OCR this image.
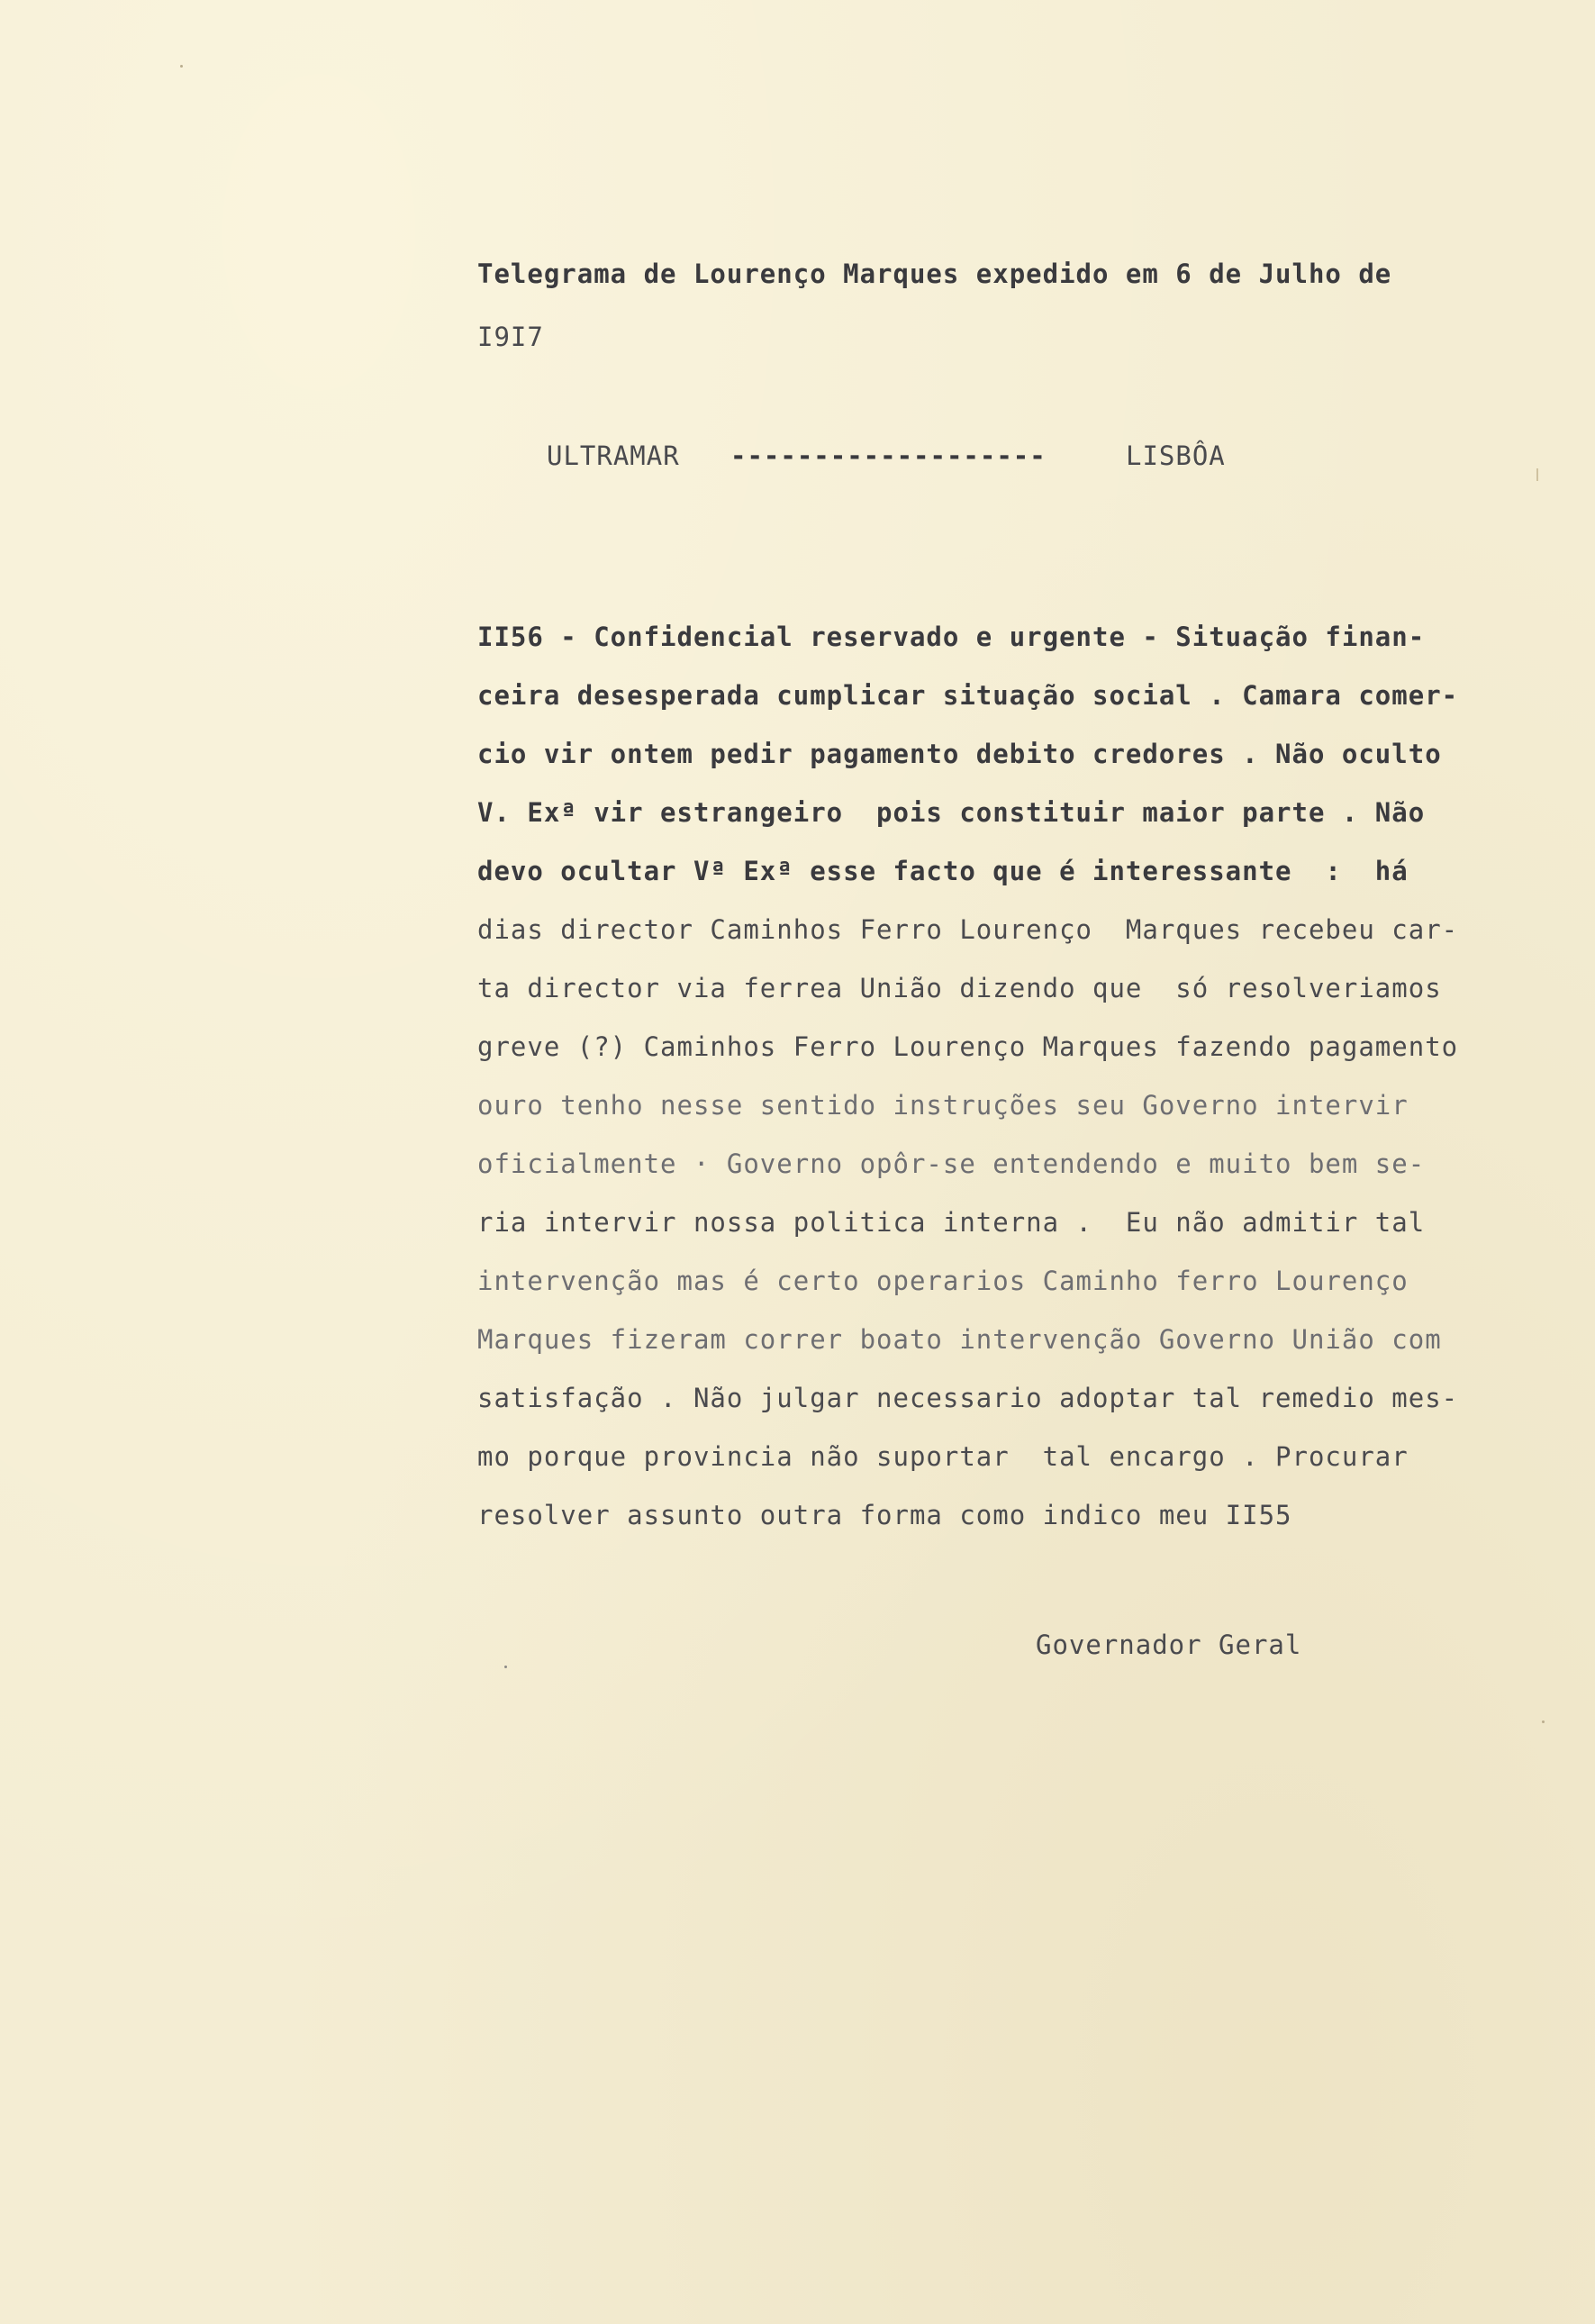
Telegrama de Lourenço Marques expedido em 6 de Julho de
I9I7
ULTRAMAR -------------------	LISBÔA
II56 - Confidencial reservado e urgente - Situação finan-
ceira desesperada cumplicar situação social . Camara comer-
cio vir ontem pedir pagamento debito credores . Não oculto
V. Exª vir estrangeiro  pois constituir maior parte . Não
devo ocultar Vª Exª esse facto que é interessante  :  há
dias director Caminhos Ferro Lourenço  Marques recebeu car-
ta director via ferrea União dizendo que  só resolveriamos
greve (?) Caminhos Ferro Lourenço Marques fazendo pagamento
ouro tenho nesse sentido instruções seu Governo intervir
oficialmente · Governo opôr-se entendendo e muito bem se-
ria intervir nossa politica interna .  Eu não admitir tal
intervenção mas é certo operarios Caminho ferro Lourenço
Marques fizeram correr boato intervenção Governo União com
satisfação . Não julgar necessario adoptar tal remedio mes-
mo porque provincia não suportar  tal encargo . Procurar
resolver assunto outra forma como indico meu II55
Governador Geral
